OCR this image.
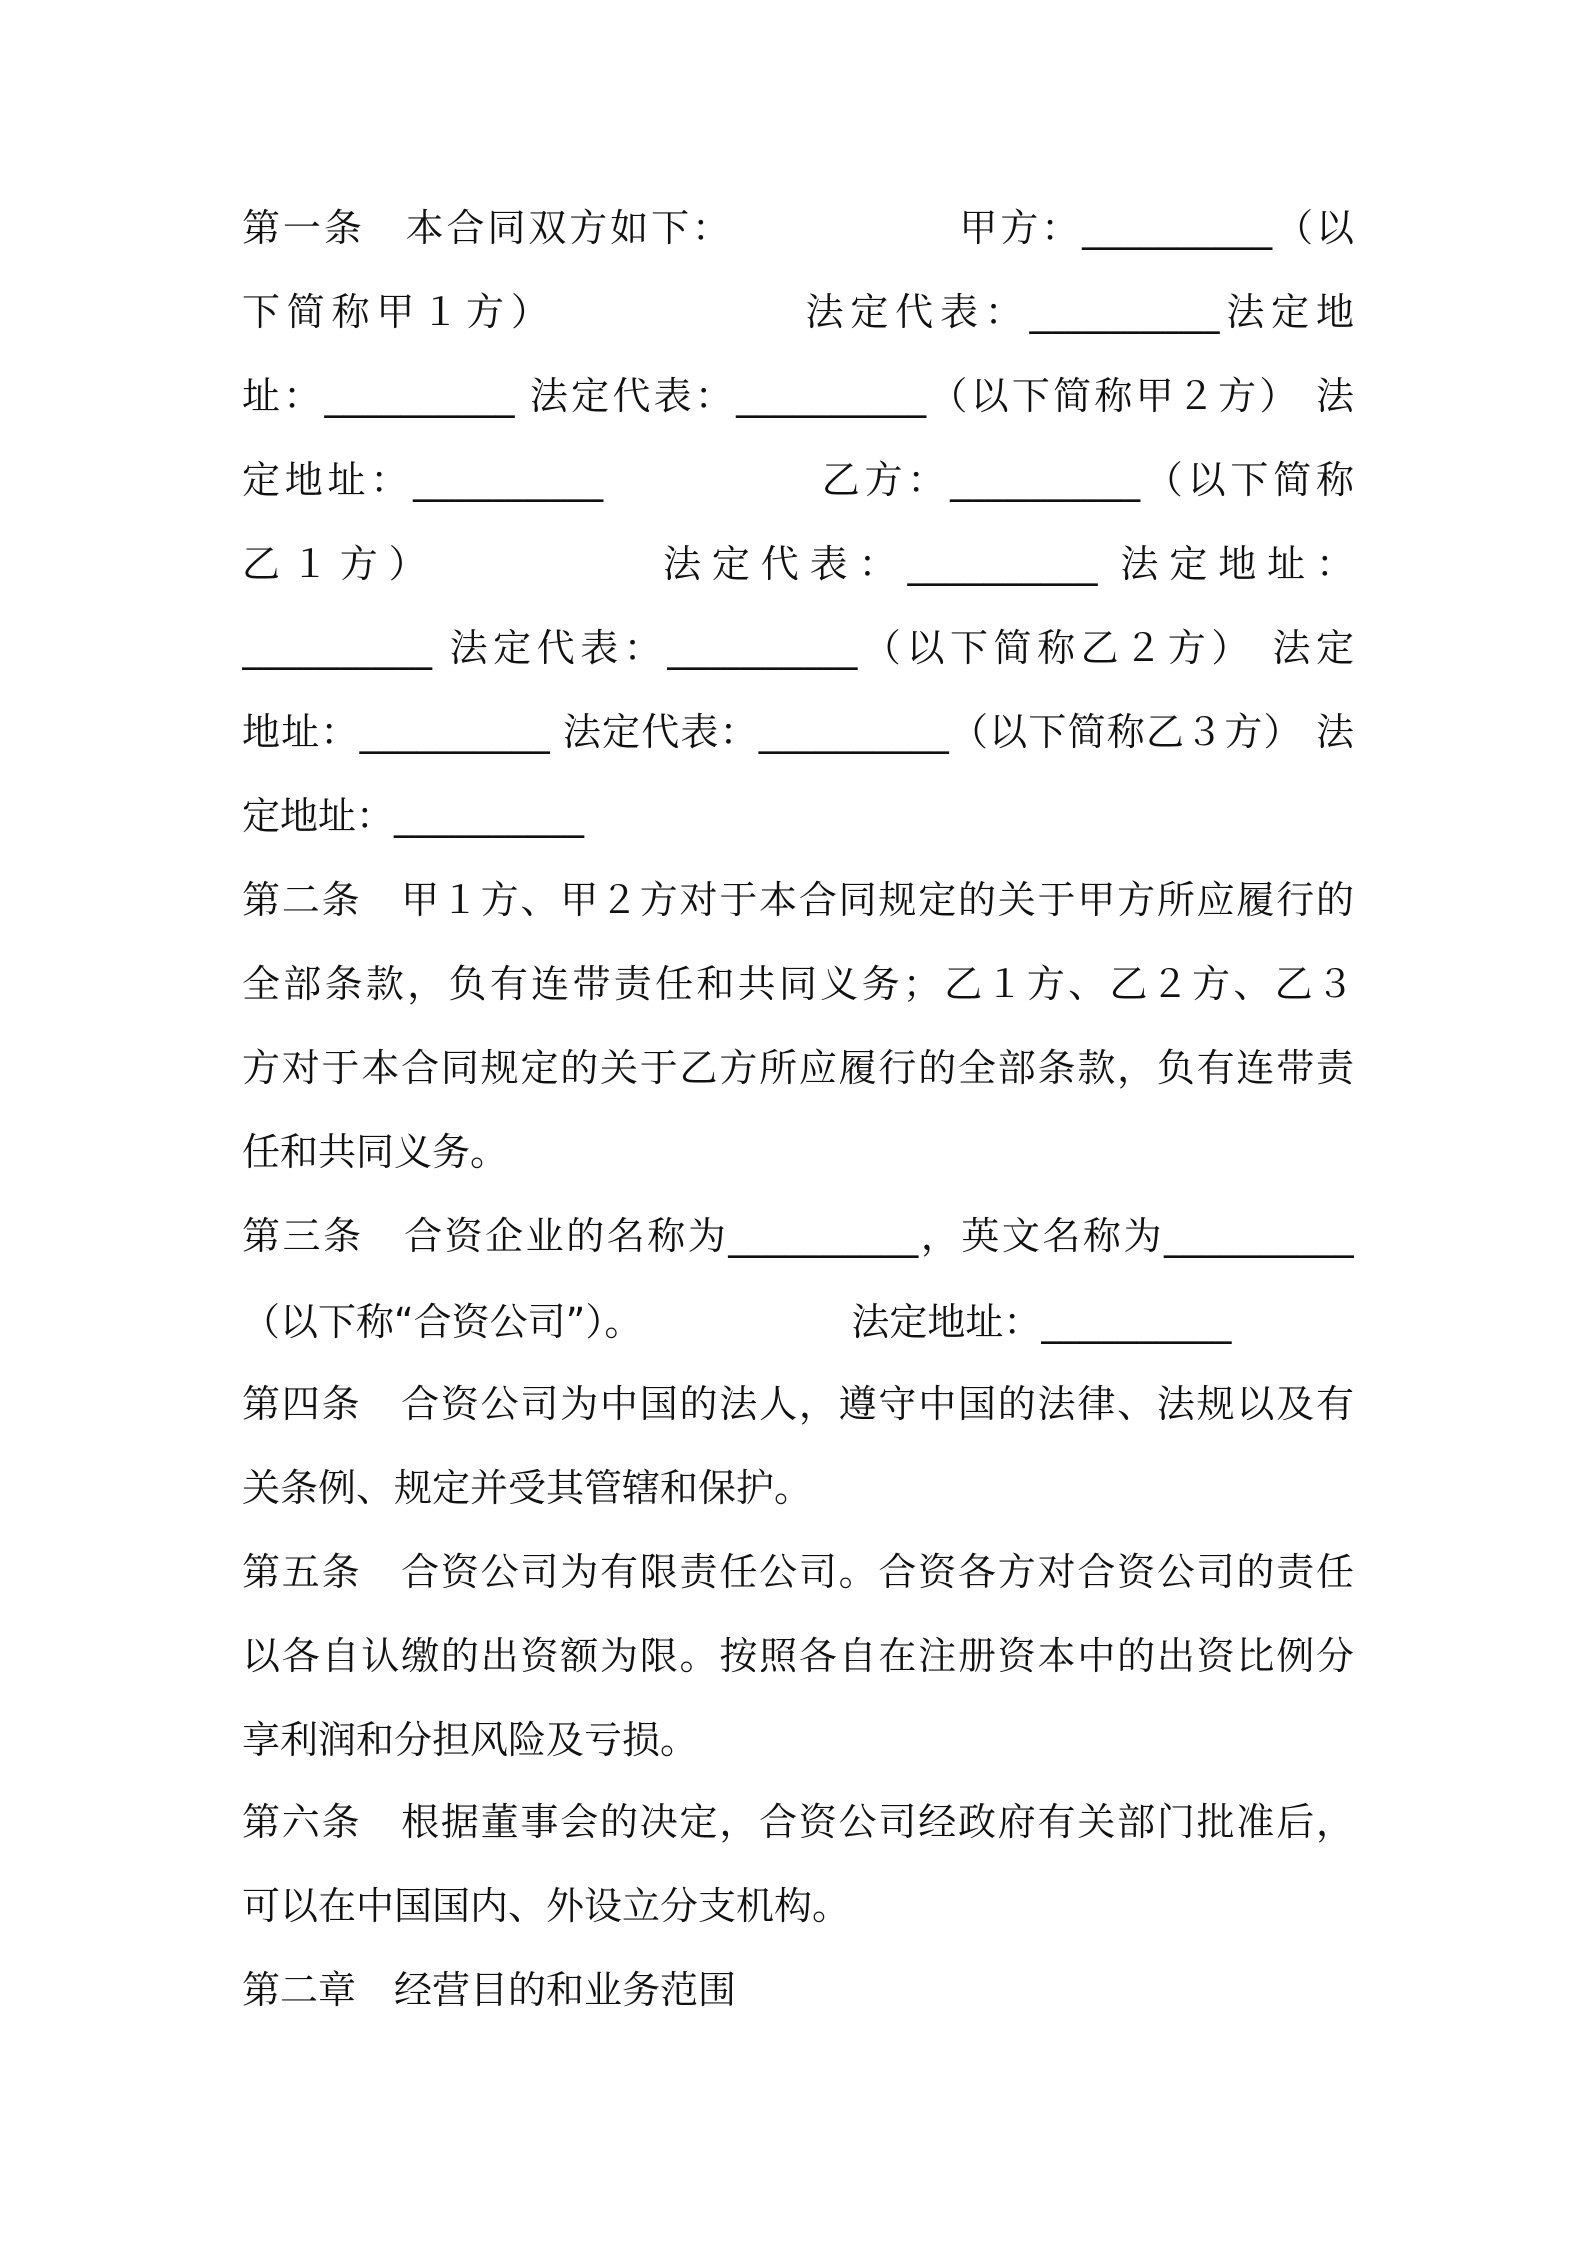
第一条　本合同双方如下：　　　　　　甲方：__________（以
下简称甲１方）　　　　　　法定代表：__________法定地
址：__________ 法定代表：__________（以下简称甲２方） 法
定地址：__________　　　　　乙方：__________（以下简称
乙１方）　　　　　法定代表：__________ 法定地址：
__________ 法定代表：__________（以下简称乙２方） 法定
地址：__________ 法定代表：__________（以下简称乙３方） 法
定地址：__________
第二条　甲１方、甲２方对于本合同规定的关于甲方所应履行的
全部条款，负有连带责任和共同义务；乙１方、乙２方、乙３
方对于本合同规定的关于乙方所应履行的全部条款，负有连带责
任和共同义务。
第三条　合资企业的名称为__________，英文名称为__________
（以下称“合资公司”）。　　　　　　法定地址：__________
第四条　合资公司为中国的法人，遵守中国的法律、法规以及有
关条例、规定并受其管辖和保护。
第五条　合资公司为有限责任公司。合资各方对合资公司的责任
以各自认缴的出资额为限。按照各自在注册资本中的出资比例分
享利润和分担风险及亏损。
第六条　根据董事会的决定，合资公司经政府有关部门批准后，
可以在中国国内、外设立分支机构。
第二章　经营目的和业务范围
